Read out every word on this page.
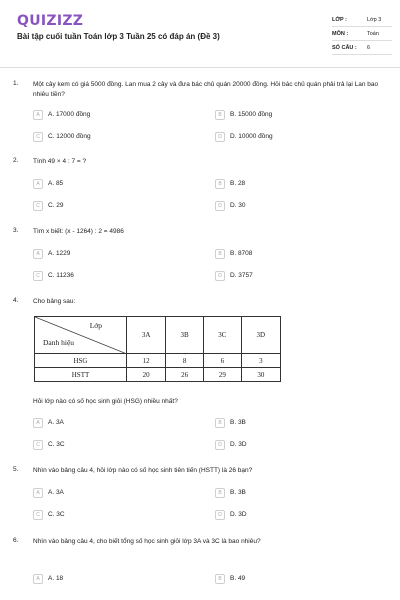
QUIZIZZ
Bài tập cuối tuần Toán lớp 3 Tuần 25 có đáp án (Đề 3)
LỚP :	Lớp 3
MÔN :	Toán
SỐ CÂU : 6
1. Một cây kem có giá 5000 đồng. Lan mua 2 cây và đưa bác chủ quán 20000 đồng. Hỏi bác chủ quán phải trả lại Lan bao nhiêu tiền?
A	A. 17000 đồng	B	B. 15000 đồng
C	C. 12000 đồng	D	D. 10000 đồng
2. Tính 49 × 4 : 7 = ?
A	A. 85	B	B. 28
C	C. 29	D	D. 30
3. Tìm x biết: (x - 1264) : 2 = 4986
A	A. 1229	B	B. 8708
C	C. 11236	D	D. 3757
4. Cho bảng sau:
Lớp
Danh hiệu	3A	3B	3C	3D
HSG	12	8	6	3
HSTT	20	26	29	30
Hỏi lớp nào có số học sinh giỏi (HSG) nhiều nhất?
A	A. 3A	B	B. 3B
C	C. 3C	D	D. 3D
5. Nhìn vào bảng câu 4, hỏi lớp nào có số học sinh tiên tiến (HSTT) là 26 bạn?
A	A. 3A	B	B. 3B
C	C. 3C	D	D. 3D
6. Nhìn vào bảng câu 4, cho biết tổng số học sinh giỏi lớp 3A và 3C là bao nhiêu?
A	A. 18	B	B. 49
